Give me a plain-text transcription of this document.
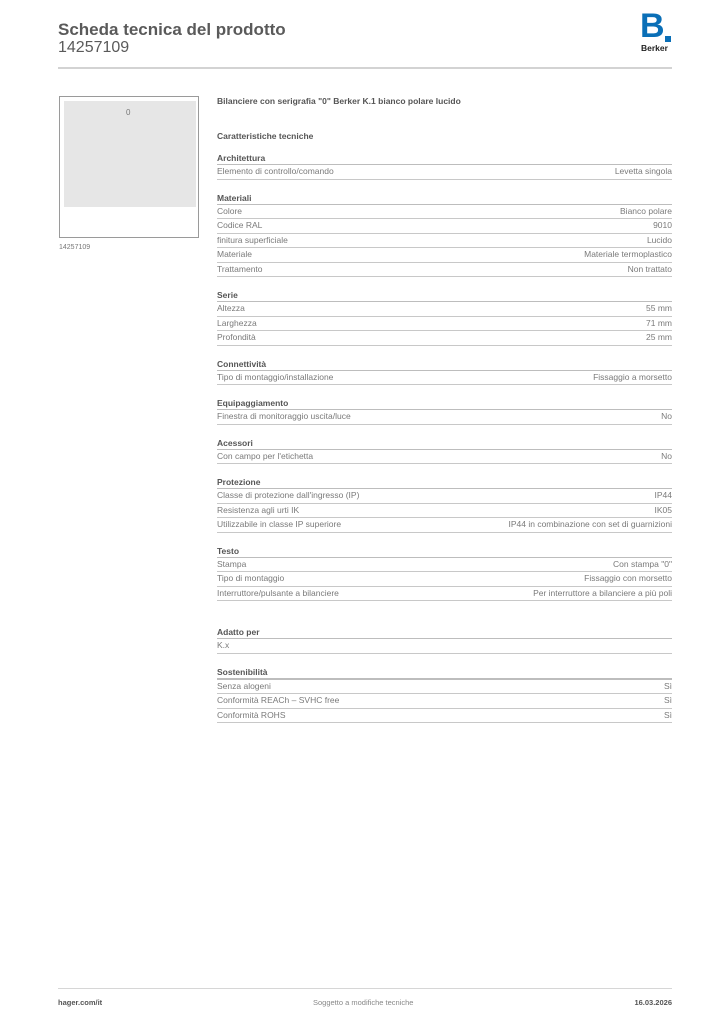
Scheda tecnica del prodotto
14257109
B
Berker
0
14257109
Bilanciere con serigrafia "0" Berker K.1 bianco polare lucido
Caratteristiche tecniche
Architettura
Elemento di controllo/comando	Levetta singola
Materiali
Colore	Bianco polare
Codice RAL	9010
finitura superficiale	Lucido
Materiale	Materiale termoplastico
Trattamento	Non trattato
Serie
Altezza	55 mm
Larghezza	71 mm
Profondità	25 mm
Connettività
Tipo di montaggio/installazione	Fissaggio a morsetto
Equipaggiamento
Finestra di monitoraggio uscita/luce	No
Acessori
Con campo per l'etichetta	No
Protezione
Classe di protezione dall'ingresso (IP)	IP44
Resistenza agli urti IK	IK05
Utilizzabile in classe IP superiore	IP44 in combinazione con set di guarnizioni
Testo
Stampa	Con stampa "0"
Tipo di montaggio	Fissaggio con morsetto
Interruttore/pulsante a bilanciere	Per interruttore a bilanciere a più poli
Adatto per
K.x
Sostenibilità
Senza alogeni	Sì
Conformità REACh – SVHC free	Sì
Conformità ROHS	Sì
hager.com/it	Soggetto a modifiche tecniche	16.03.2026
